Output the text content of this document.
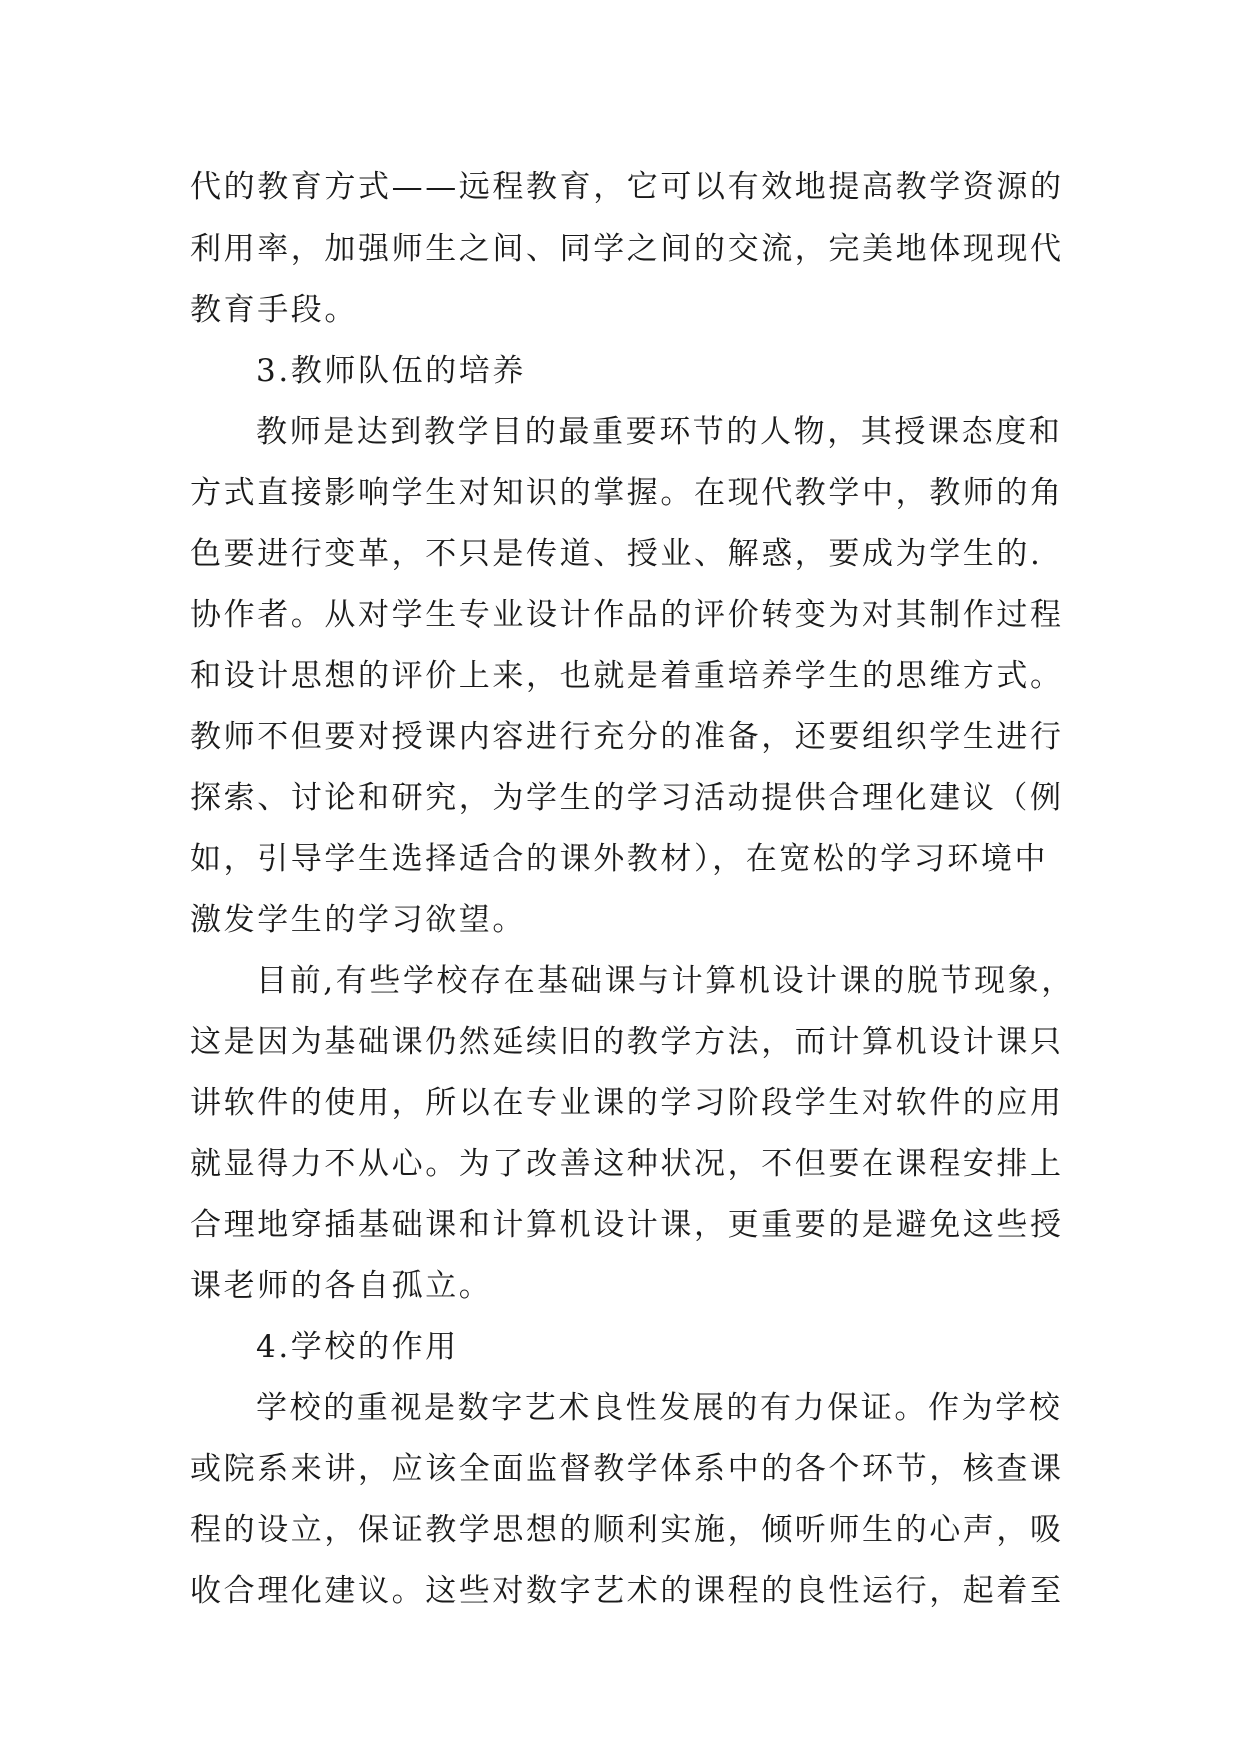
代的教育方式——远程教育，它可以有效地提高教学资源的
利用率，加强师生之间、同学之间的交流，完美地体现现代
教育手段。
3.教师队伍的培养
教师是达到教学目的最重要环节的人物，其授课态度和
方式直接影响学生对知识的掌握。在现代教学中，教师的角
色要进行变革，不只是传道、授业、解惑，要成为学生的.
协作者。从对学生专业设计作品的评价转变为对其制作过程
和设计思想的评价上来，也就是着重培养学生的思维方式。
教师不但要对授课内容进行充分的准备，还要组织学生进行
探索、讨论和研究，为学生的学习活动提供合理化建议（例
如，引导学生选择适合的课外教材），在宽松的学习环境中
激发学生的学习欲望。
目前,有些学校存在基础课与计算机设计课的脱节现象，
这是因为基础课仍然延续旧的教学方法，而计算机设计课只
讲软件的使用，所以在专业课的学习阶段学生对软件的应用
就显得力不从心。为了改善这种状况，不但要在课程安排上
合理地穿插基础课和计算机设计课，更重要的是避免这些授
课老师的各自孤立。
4.学校的作用
学校的重视是数字艺术良性发展的有力保证。作为学校
或院系来讲，应该全面监督教学体系中的各个环节，核查课
程的设立，保证教学思想的顺利实施，倾听师生的心声，吸
收合理化建议。这些对数字艺术的课程的良性运行，起着至
